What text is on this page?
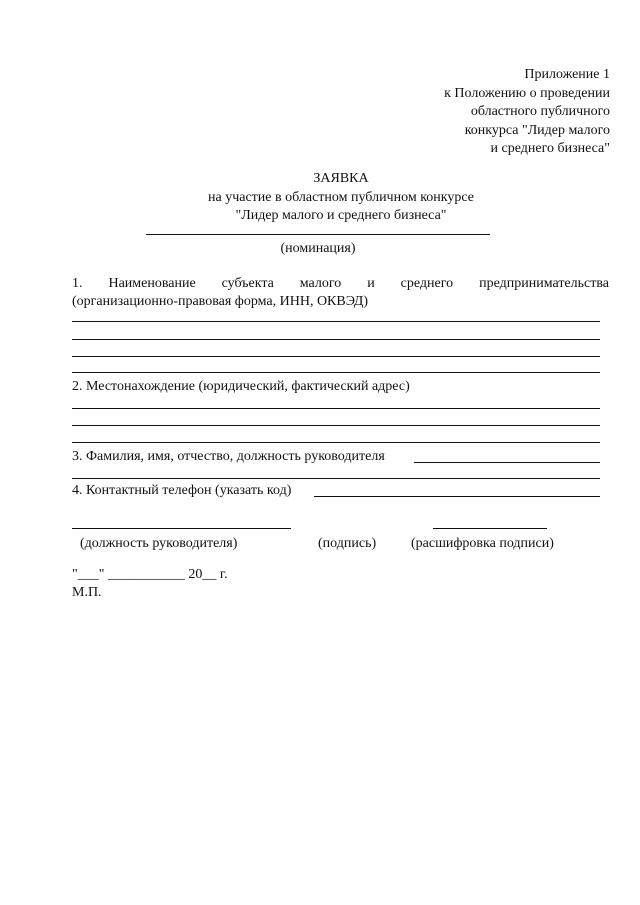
Приложение 1
к Положению о проведении
областного публичного
конкурса "Лидер малого
и среднего бизнеса"
ЗАЯВКА
на участие в областном публичном конкурсе
"Лидер малого и среднего бизнеса"
(номинация)
1. Наименование субъекта малого и среднего предпринимательства
(организационно-правовая форма, ИНН, ОКВЭД)
2. Местонахождение (юридический, фактический адрес)
3. Фамилия, имя, отчество, должность руководителя
4. Контактный телефон (указать код)
(должность руководителя)	(подпись) (расшифровка подписи)
"___" ___________ 20__ г.
М.П.
